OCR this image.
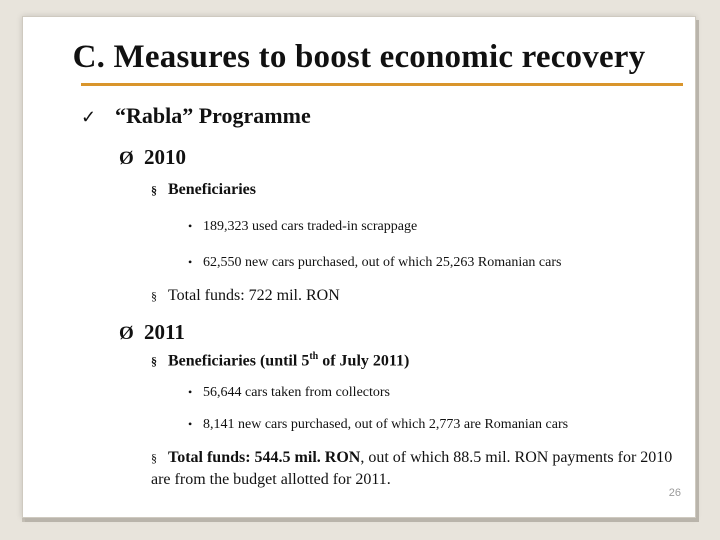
C. Measures to boost economic recovery
✓ “Rabla” Programme
Ø 2010
§ Beneficiaries
• 189,323 used cars traded-in scrappage
• 62,550 new cars purchased, out of which 25,263 Romanian cars
§ Total funds: 722 mil. RON
Ø 2011
§ Beneficiaries (until 5th of July 2011)
• 56,644 cars taken from collectors
• 8,141 new cars purchased, out of which 2,773 are Romanian cars
§ Total funds: 544.5 mil. RON, out of which 88.5 mil. RON payments for 2010 are from the budget allotted for 2011.
26
